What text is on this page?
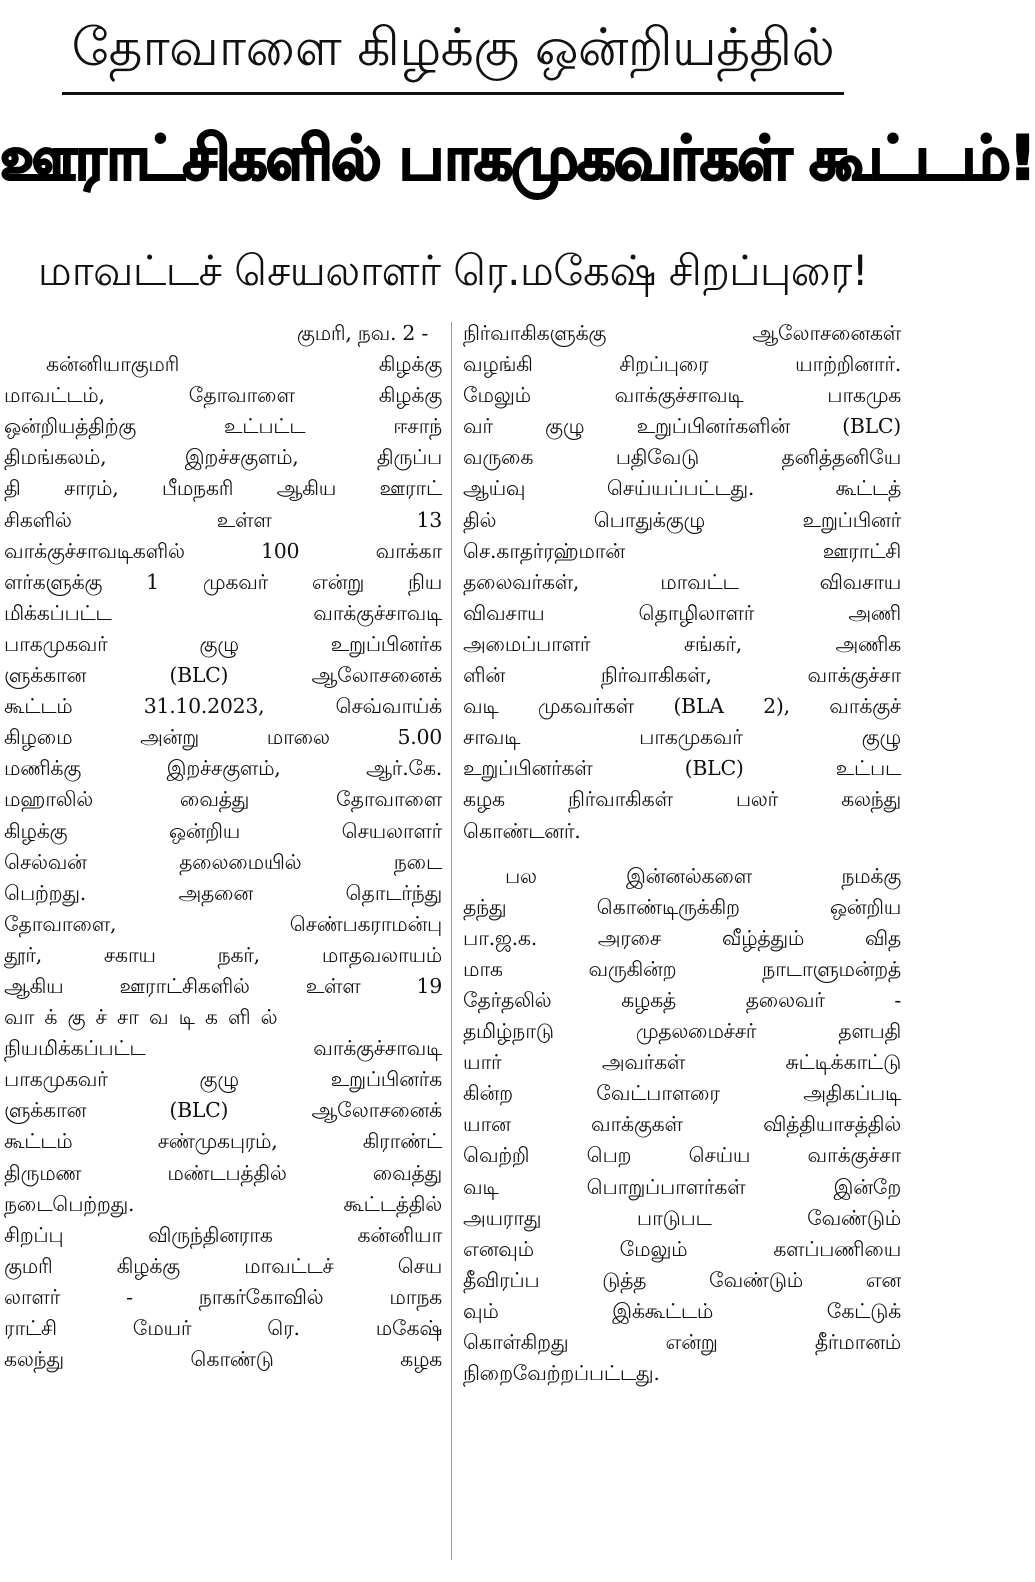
தோவாளை கிழக்கு ஒன்றியத்தில்
ஊராட்சிகளில் பாகமுகவர்கள் கூட்டம்!
மாவட்டச் செயலாளர் ரெ.மகேஷ் சிறப்புரை!
குமரி, நவ. 2 -
கன்னியாகுமரி கிழக்கு
மாவட்டம், தோவாளை கிழக்கு
ஒன்றியத்திற்கு உட்பட்ட ஈசாந்
திமங்கலம், இறச்சகுளம், திருப்ப
தி சாரம், பீமநகரி ஆகிய ஊராட்
சிகளில் உள்ள 13
வாக்குச்சாவடிகளில் 100 வாக்கா
ளர்களுக்கு 1 முகவர் என்று நிய
மிக்கப்பட்ட வாக்குச்சாவடி
பாகமுகவர் குழு உறுப்பினர்க
ளுக்கான (BLC) ஆலோசனைக்
கூட்டம் 31.10.2023, செவ்வாய்க்
கிழமை அன்று மாலை 5.00
மணிக்கு இறச்சகுளம், ஆர்.கே.
மஹாலில் வைத்து தோவாளை
கிழக்கு ஒன்றிய செயலாளர்
செல்வன் தலைமையில் நடை
பெற்றது. அதனை தொடர்ந்து
தோவாளை, செண்பகராமன்பு
தூர், சகாய நகர், மாதவலாயம்
ஆகிய ஊராட்சிகளில் உள்ள 19
வாக்குச்சாவடிகளில்
நியமிக்கப்பட்ட வாக்குச்சாவடி
பாகமுகவர் குழு உறுப்பினர்க
ளுக்கான (BLC) ஆலோசனைக்
கூட்டம் சண்முகபுரம், கிராண்ட்
திருமண மண்டபத்தில் வைத்து
நடைபெற்றது. கூட்டத்தில்
சிறப்பு விருந்தினராக கன்னியா
குமரி கிழக்கு மாவட்டச் செய
லாளர் - நாகர்கோவில் மாநக
ராட்சி மேயர் ரெ. மகேஷ்
கலந்து கொண்டு கழக
நிர்வாகிகளுக்கு ஆலோசனைகள்
வழங்கி சிறப்புரை யாற்றினார்.
மேலும் வாக்குச்சாவடி பாகமுக
வர் குழு உறுப்பினர்களின் (BLC)
வருகை பதிவேடு தனித்தனியே
ஆய்வு செய்யப்பட்டது. கூட்டத்
தில் பொதுக்குழு உறுப்பினர்
செ.காதர்ரஹ்மான் ஊராட்சி
தலைவர்கள், மாவட்ட விவசாய
விவசாய தொழிலாளர் அணி
அமைப்பாளர் சங்கர், அணிக
ளின் நிர்வாகிகள், வாக்குச்சா
வடி முகவர்கள் (BLA 2), வாக்குச்
சாவடி பாகமுகவர் குழு
உறுப்பினர்கள் (BLC) உட்பட
கழக நிர்வாகிகள் பலர் கலந்து
கொண்டனர்.
பல இன்னல்களை நமக்கு
தந்து கொண்டிருக்கிற ஒன்றிய
பா.ஜ.க. அரசை வீழ்த்தும் வித
மாக வருகின்ற நாடாளுமன்றத்
தேர்தலில் கழகத் தலைவர் -
தமிழ்நாடு முதலமைச்சர் தளபதி
யார் அவர்கள் சுட்டிக்காட்டு
கின்ற வேட்பாளரை அதிகப்படி
யான வாக்குகள் வித்தியாசத்தில்
வெற்றி பெற செய்ய வாக்குச்சா
வடி பொறுப்பாளர்கள் இன்றே
அயராது பாடுபட வேண்டும்
எனவும் மேலும் களப்பணியை
தீவிரப்ப டுத்த வேண்டும் என
வும் இக்கூட்டம் கேட்டுக்
கொள்கிறது என்று தீர்மானம்
நிறைவேற்றப்பட்டது.
